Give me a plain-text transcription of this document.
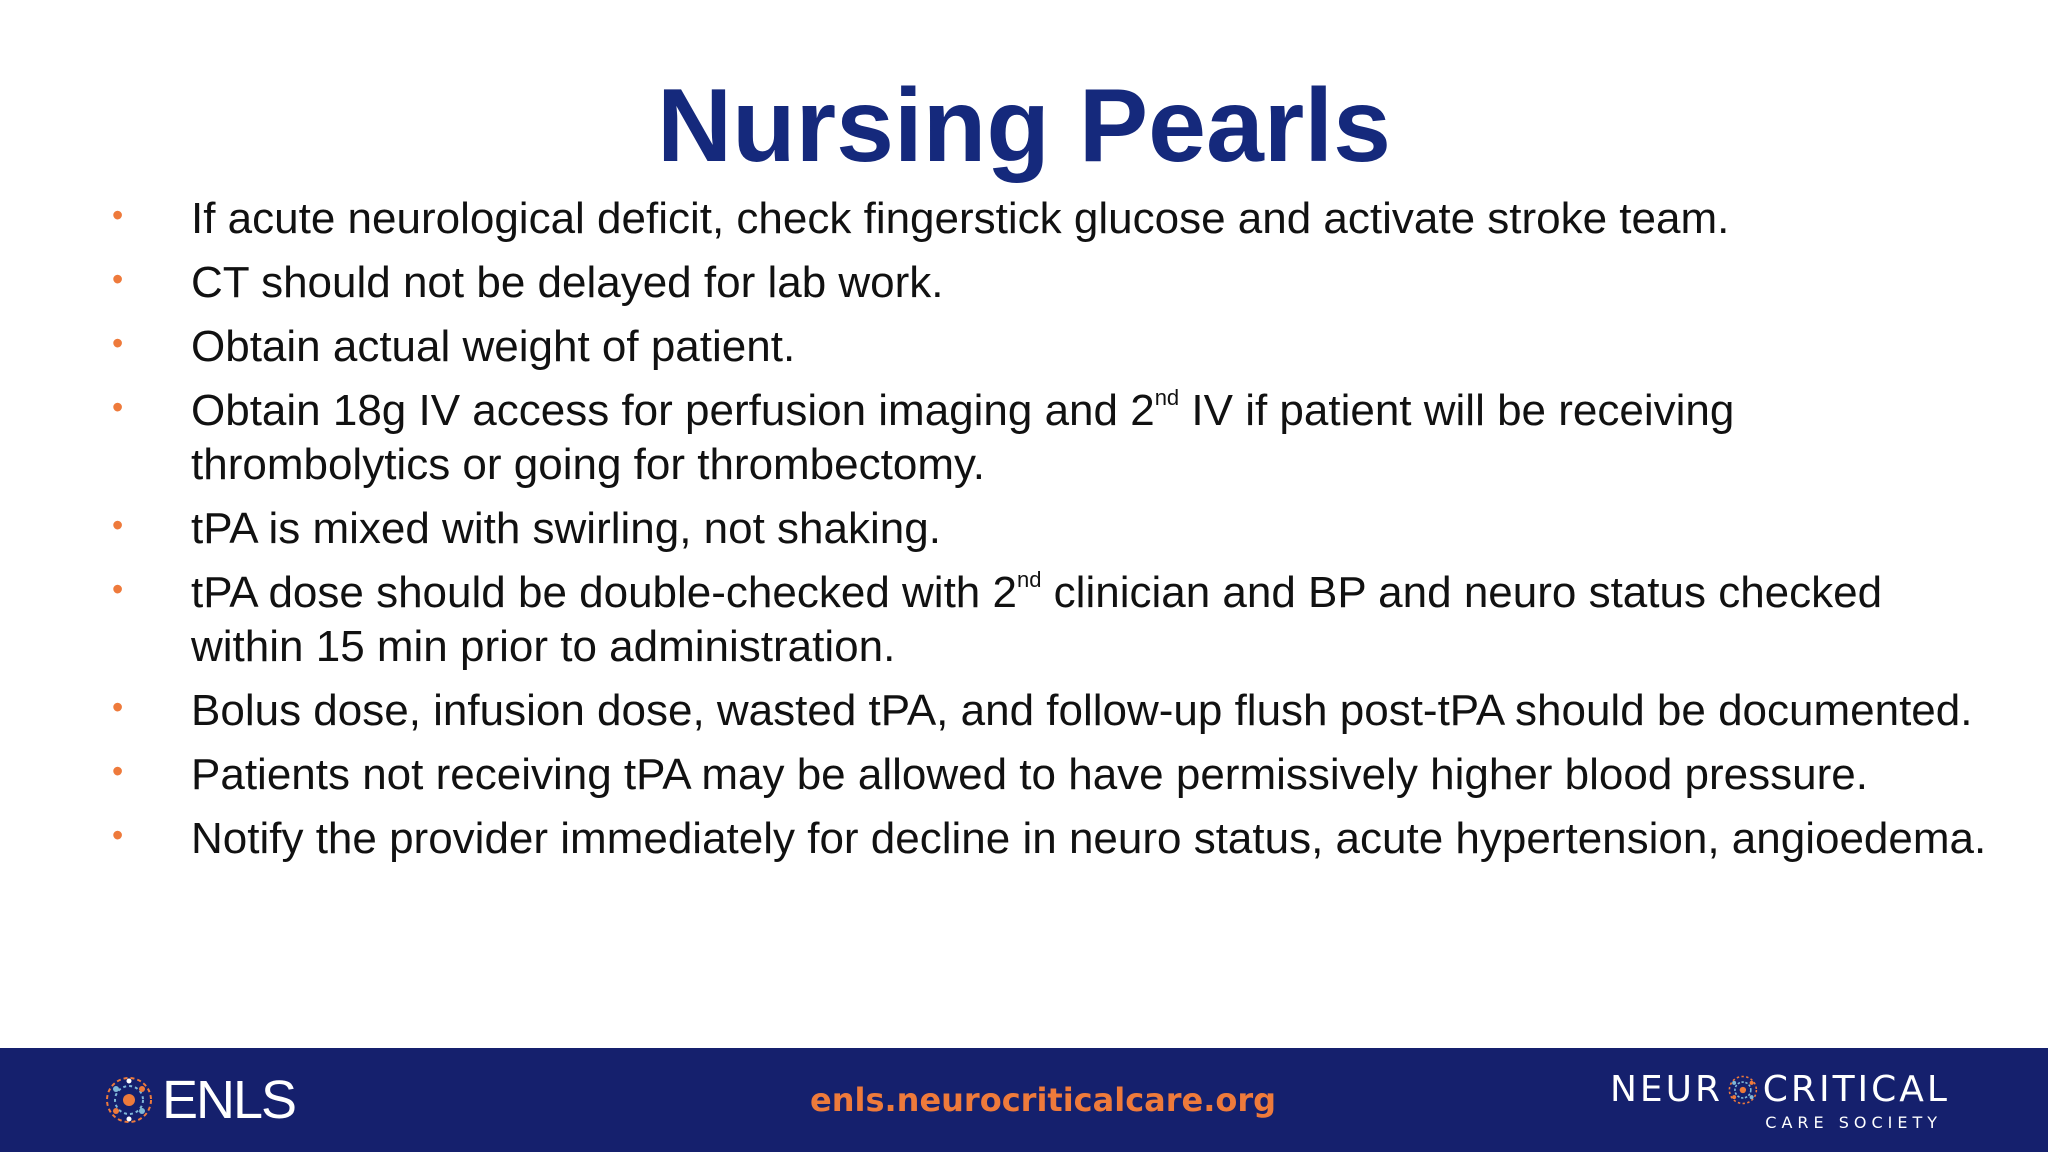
Nursing Pearls
• If acute neurological deficit, check fingerstick glucose and activate stroke team.
• CT should not be delayed for lab work.
• Obtain actual weight of patient.
• Obtain 18g IV access for perfusion imaging and 2nd IV if patient will be receiving thrombolytics or going for thrombectomy.
• tPA is mixed with swirling, not shaking.
• tPA dose should be double-checked with 2nd clinician and BP and neuro status checked within 15 min prior to administration.
• Bolus dose, infusion dose, wasted tPA, and follow-up flush post-tPA should be documented.
• Patients not receiving tPA may be allowed to have permissively higher blood pressure.
• Notify the provider immediately for decline in neuro status, acute hypertension, angioedema.
ENLS	enls.neurocriticalcare.org	NEUR CRITICAL
CARE SOCIETY
